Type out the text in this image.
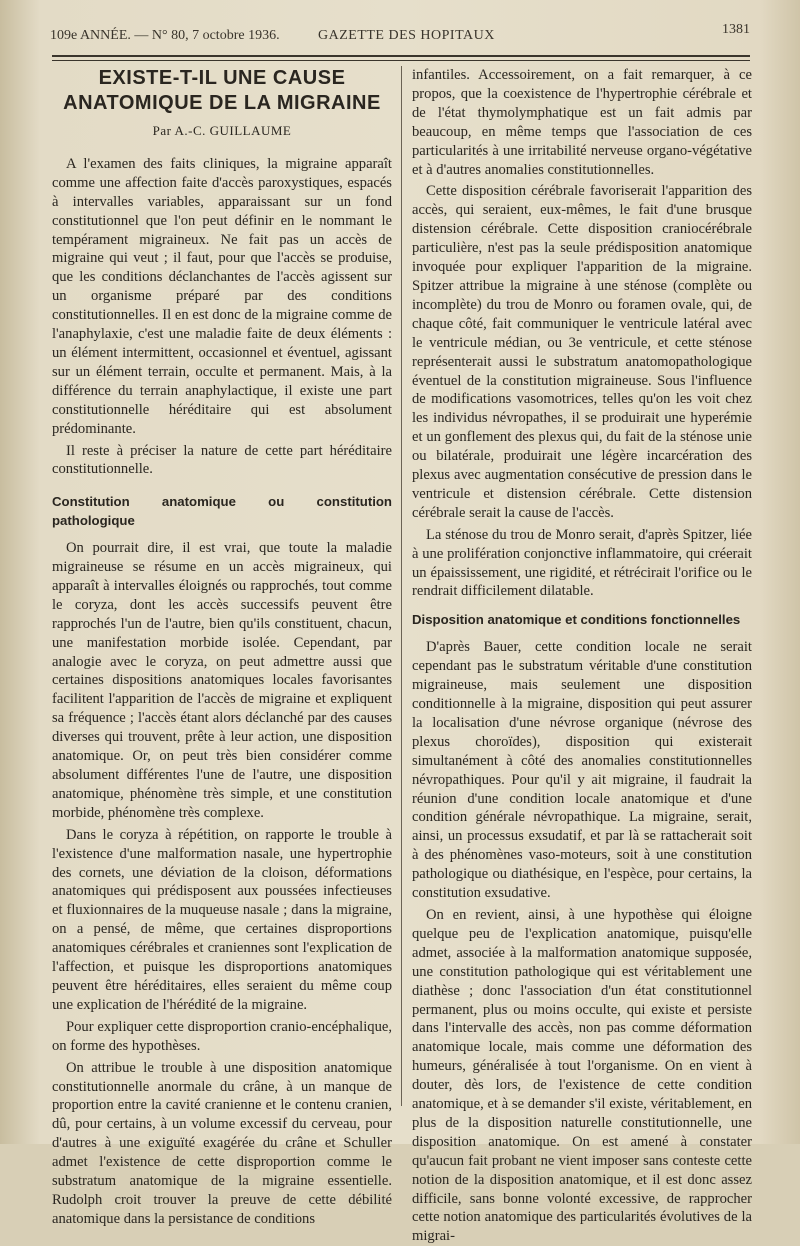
109e ANNÉE. — N° 80, 7 octobre 1936.	GAZETTE DES HOPITAUX	1381
EXISTE-T-IL UNE CAUSE ANATOMIQUE DE LA MIGRAINE
Par A.-C. GUILLAUME

A l'examen des faits cliniques, la migraine apparaît comme une affection faite d'accès paroxystiques, espacés à intervalles variables, apparaissant sur un fond constitutionnel que l'on peut définir en le nommant le tempérament migraineux. Ne fait pas un accès de migraine qui veut ; il faut, pour que l'accès se produise, que les conditions déclanchantes de l'accès agissent sur un organisme préparé par des conditions constitutionnelles. Il en est donc de la migraine comme de l'anaphylaxie, c'est une maladie faite de deux éléments : un élément intermittent, occasionnel et éventuel, agissant sur un élément terrain, occulte et permanent. Mais, à la différence du terrain anaphylactique, il existe une part constitutionnelle héréditaire qui est absolument prédominante.

Il reste à préciser la nature de cette part héréditaire constitutionnelle.

Constitution anatomique ou constitution pathologique

On pourrait dire, il est vrai, que toute la maladie migraineuse se résume en un accès migraineux, qui apparaît à intervalles éloignés ou rapprochés, tout comme le coryza, dont les accès successifs peuvent être rapprochés l'un de l'autre, bien qu'ils constituent, chacun, une manifestation morbide isolée. Cependant, par analogie avec le coryza, on peut admettre aussi que certaines dispositions anatomiques locales favorisantes facilitent l'apparition de l'accès de migraine et expliquent sa fréquence ; l'accès étant alors déclanché par des causes diverses qui trouvent, prête à leur action, une disposition anatomique. Or, on peut très bien considérer comme absolument différentes l'une de l'autre, une disposition anatomique, phénomène très simple, et une constitution morbide, phénomène très complexe.

Dans le coryza à répétition, on rapporte le trouble à l'existence d'une malformation nasale, une hypertrophie des cornets, une déviation de la cloison, déformations anatomiques qui prédisposent aux poussées infectieuses et fluxionnaires de la muqueuse nasale ; dans la migraine, on a pensé, de même, que certaines disproportions anatomiques cérébrales et craniennes sont l'explication de l'affection, et puisque les disproportions anatomiques peuvent être héréditaires, elles seraient du même coup une explication de l'hérédité de la migraine.

Pour expliquer cette disproportion cranio-encéphalique, on forme des hypothèses.

On attribue le trouble à une disposition anatomique constitutionnelle anormale du crâne, à un manque de proportion entre la cavité cranienne et le contenu cranien, dû, pour certains, à un volume excessif du cerveau, pour d'autres à une exiguïté exagérée du crâne et Schuller admet l'existence de cette disproportion comme le substratum anatomique de la migraine essentielle. Rudolph croit trouver la preuve de cette débilité anatomique dans la persistance de conditions

infantiles. Accessoirement, on a fait remarquer, à ce propos, que la coexistence de l'hypertrophie cérébrale et de l'état thymolymphatique est un fait admis par beaucoup, en même temps que l'association de ces particularités à une irritabilité nerveuse organo-végétative et à d'autres anomalies constitutionnelles.

Cette disposition cérébrale favoriserait l'apparition des accès, qui seraient, eux-mêmes, le fait d'une brusque distension cérébrale. Cette disposition craniocérébrale particulière, n'est pas la seule prédisposition anatomique invoquée pour expliquer l'apparition de la migraine. Spitzer attribue la migraine à une sténose (complète ou incomplète) du trou de Monro ou foramen ovale, qui, de chaque côté, fait communiquer le ventricule latéral avec le ventricule médian, ou 3e ventricule, et cette sténose représenterait aussi le substratum anatomopathologique éventuel de la constitution migraineuse. Sous l'influence de modifications vasomotrices, telles qu'on les voit chez les individus névropathes, il se produirait une hyperémie et un gonflement des plexus qui, du fait de la sténose unie ou bilatérale, produirait une légère incarcération des plexus avec augmentation consécutive de pression dans le ventricule et distension cérébrale. Cette distension cérébrale serait la cause de l'accès.

La sténose du trou de Monro serait, d'après Spitzer, liée à une prolifération conjonctive inflammatoire, qui créerait un épaississement, une rigidité, et rétrécirait l'orifice ou le rendrait difficilement dilatable.

Disposition anatomique et conditions fonctionnelles

D'après Bauer, cette condition locale ne serait cependant pas le substratum véritable d'une constitution migraineuse, mais seulement une disposition conditionnelle à la migraine, disposition qui peut assurer la localisation d'une névrose organique (névrose des plexus choroïdes), disposition qui existerait simultanément à côté des anomalies constitutionnelles névropathiques. Pour qu'il y ait migraine, il faudrait la réunion d'une condition locale anatomique et d'une condition générale névropathique. La migraine, serait, ainsi, un processus exsudatif, et par là se rattacherait soit à des phénomènes vaso-moteurs, soit à une constitution pathologique ou diathésique, en l'espèce, pour certains, la constitution exsudative.

On en revient, ainsi, à une hypothèse qui éloigne quelque peu de l'explication anatomique, puisqu'elle admet, associée à la malformation anatomique supposée, une constitution pathologique qui est véritablement une diathèse ; donc l'association d'un état constitutionnel permanent, plus ou moins occulte, qui existe et persiste dans l'intervalle des accès, non pas comme déformation anatomique locale, mais comme une déformation des humeurs, généralisée à tout l'organisme. On en vient à douter, dès lors, de l'existence de cette condition anatomique, et à se demander s'il existe, véritablement, en plus de la disposition naturelle constitutionnelle, une disposition anatomique. On est amené à constater qu'aucun fait probant ne vient imposer sans conteste cette notion de la disposition anatomique, et il est donc assez difficile, sans bonne volonté excessive, de rapprocher cette notion anatomique des particularités évolutives de la migrai-
